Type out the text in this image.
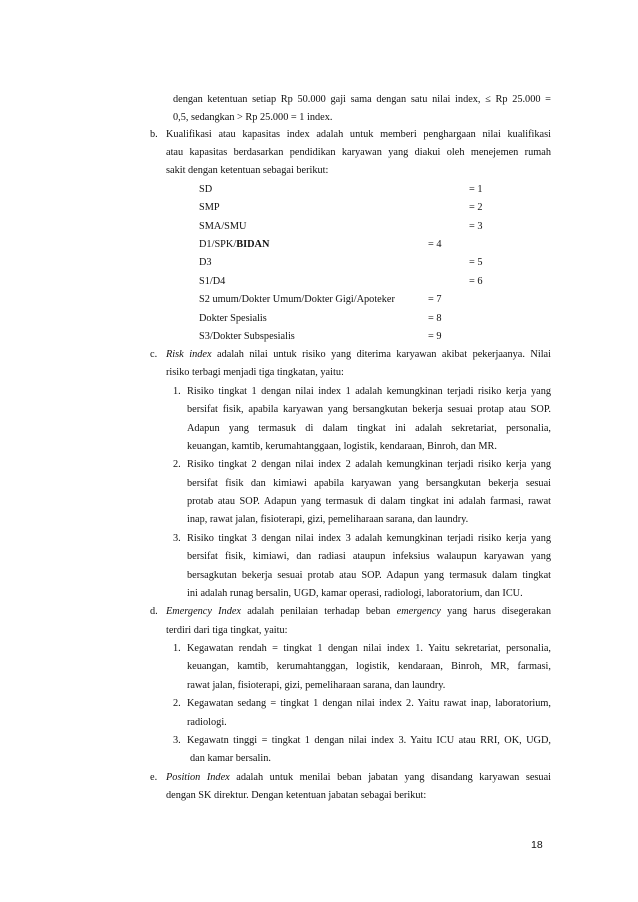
dengan ketentuan setiap Rp 50.000 gaji sama dengan satu nilai index, ≤ Rp 25.000 =
0,5, sedangkan > Rp 25.000 = 1 index.
b. Kualifikasi atau kapasitas index adalah untuk memberi penghargaan nilai kualifikasi
atau kapasitas berdasarkan pendidikan karyawan yang diakui oleh menejemen rumah
sakit dengan ketentuan sebagai berikut:
SD	= 1
SMP	= 2
SMA/SMU	= 3
D1/SPK/BIDAN	= 4
D3	= 5
S1/D4	= 6
S2 umum/Dokter Umum/Dokter Gigi/Apoteker	= 7
Dokter Spesialis	= 8
S3/Dokter Subspesialis	= 9
c. Risk index adalah nilai untuk risiko yang diterima karyawan akibat pekerjaanya. Nilai
risiko terbagi menjadi tiga tingkatan, yaitu:
1. Risiko tingkat 1 dengan nilai index 1 adalah kemungkinan terjadi risiko kerja yang
bersifat fisik, apabila karyawan yang bersangkutan bekerja sesuai protap atau SOP.
Adapun yang termasuk di dalam tingkat ini adalah sekretariat, personalia,
keuangan, kamtib, kerumahtanggaan, logistik, kendaraan, Binroh, dan MR.
2. Risiko tingkat 2 dengan nilai index 2 adalah kemungkinan terjadi risiko kerja yang
bersifat fisik dan kimiawi apabila karyawan yang bersangkutan bekerja sesuai
protab atau SOP. Adapun yang termasuk di dalam tingkat ini adalah farmasi, rawat
inap, rawat jalan, fisioterapi, gizi, pemeliharaan sarana, dan laundry.
3. Risiko tingkat 3 dengan nilai index 3 adalah kemungkinan terjadi risiko kerja yang
bersifat fisik, kimiawi, dan radiasi ataupun infeksius walaupun karyawan yang
bersagkutan bekerja sesuai protab atau SOP. Adapun yang termasuk dalam tingkat
ini adalah runag bersalin, UGD, kamar operasi, radiologi, laboratorium, dan ICU.
d. Emergency Index adalah penilaian terhadap beban emergency yang harus disegerakan
terdiri dari tiga tingkat, yaitu:
1. Kegawatan rendah = tingkat 1 dengan nilai index 1. Yaitu sekretariat, personalia,
keuangan, kamtib, kerumahtanggan, logistik, kendaraan, Binroh, MR, farmasi,
rawat jalan, fisioterapi, gizi, pemeliharaan sarana, dan laundry.
2. Kegawatan sedang = tingkat 1 dengan nilai index 2. Yaitu rawat inap, laboratorium,
radiologi.
3. Kegawatn tinggi = tingkat 1 dengan nilai index 3. Yaitu ICU atau RRI, OK, UGD,
dan kamar bersalin.
e. Position Index adalah untuk menilai beban jabatan yang disandang karyawan sesuai
dengan SK direktur. Dengan ketentuan jabatan sebagai berikut:
18
